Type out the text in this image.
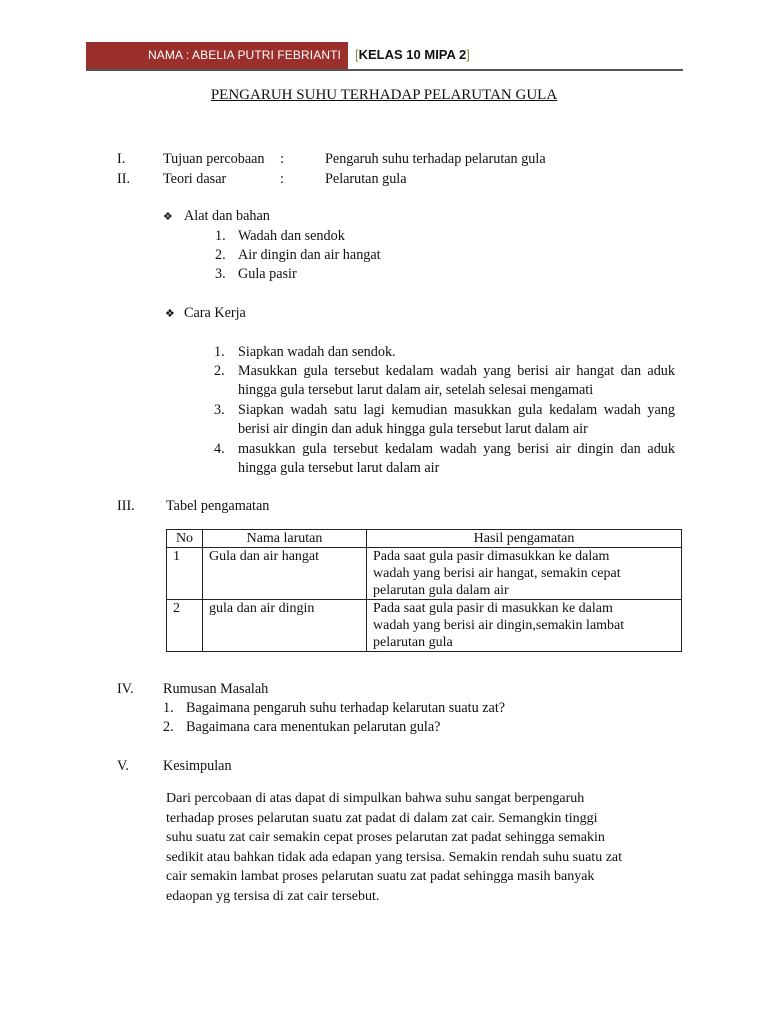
NAMA : ABELIA PUTRI FEBRIANTI [KELAS 10 MIPA 2]
PENGARUH SUHU TERHADAP PELARUTAN GULA
I.	Tujuan percobaan :	Pengaruh suhu terhadap pelarutan gula
II. Teori dasar	:	Pelarutan gula
❖ Alat dan bahan
1. Wadah dan sendok
2. Air dingin dan air hangat
3. Gula pasir
❖ Cara Kerja
1. Siapkan wadah dan sendok.
2. Masukkan gula tersebut kedalam wadah yang berisi air hangat dan aduk hingga gula tersebut larut dalam air, setelah selesai mengamati
3. Siapkan wadah satu lagi kemudian masukkan gula kedalam wadah yang berisi air dingin dan aduk hingga gula tersebut larut dalam air
4. masukkan gula tersebut kedalam wadah yang berisi air dingin dan aduk hingga gula tersebut larut dalam air
III. Tabel pengamatan
No	Nama larutan	Hasil pengamatan
1	Gula dan air hangat	Pada saat gula pasir dimasukkan ke dalam
wadah yang berisi air hangat, semakin cepat
pelarutan gula dalam air

2	gula dan air dingin	Pada saat gula pasir di masukkan ke dalam
wadah yang berisi air dingin,semakin lambat
pelarutan gula
IV. Rumusan Masalah
1. Bagaimana pengaruh suhu terhadap kelarutan suatu zat?
2. Bagaimana cara menentukan pelarutan gula?
V. Kesimpulan
Dari percobaan di atas dapat di simpulkan bahwa suhu sangat berpengaruh
terhadap proses pelarutan suatu zat padat di dalam zat cair. Semangkin tinggi
suhu suatu zat cair semakin cepat proses pelarutan zat padat sehingga semakin
sedikit atau bahkan tidak ada edapan yang tersisa. Semakin rendah suhu suatu zat
cair semakin lambat proses pelarutan suatu zat padat sehingga masih banyak
edaopan yg tersisa di zat cair tersebut.
